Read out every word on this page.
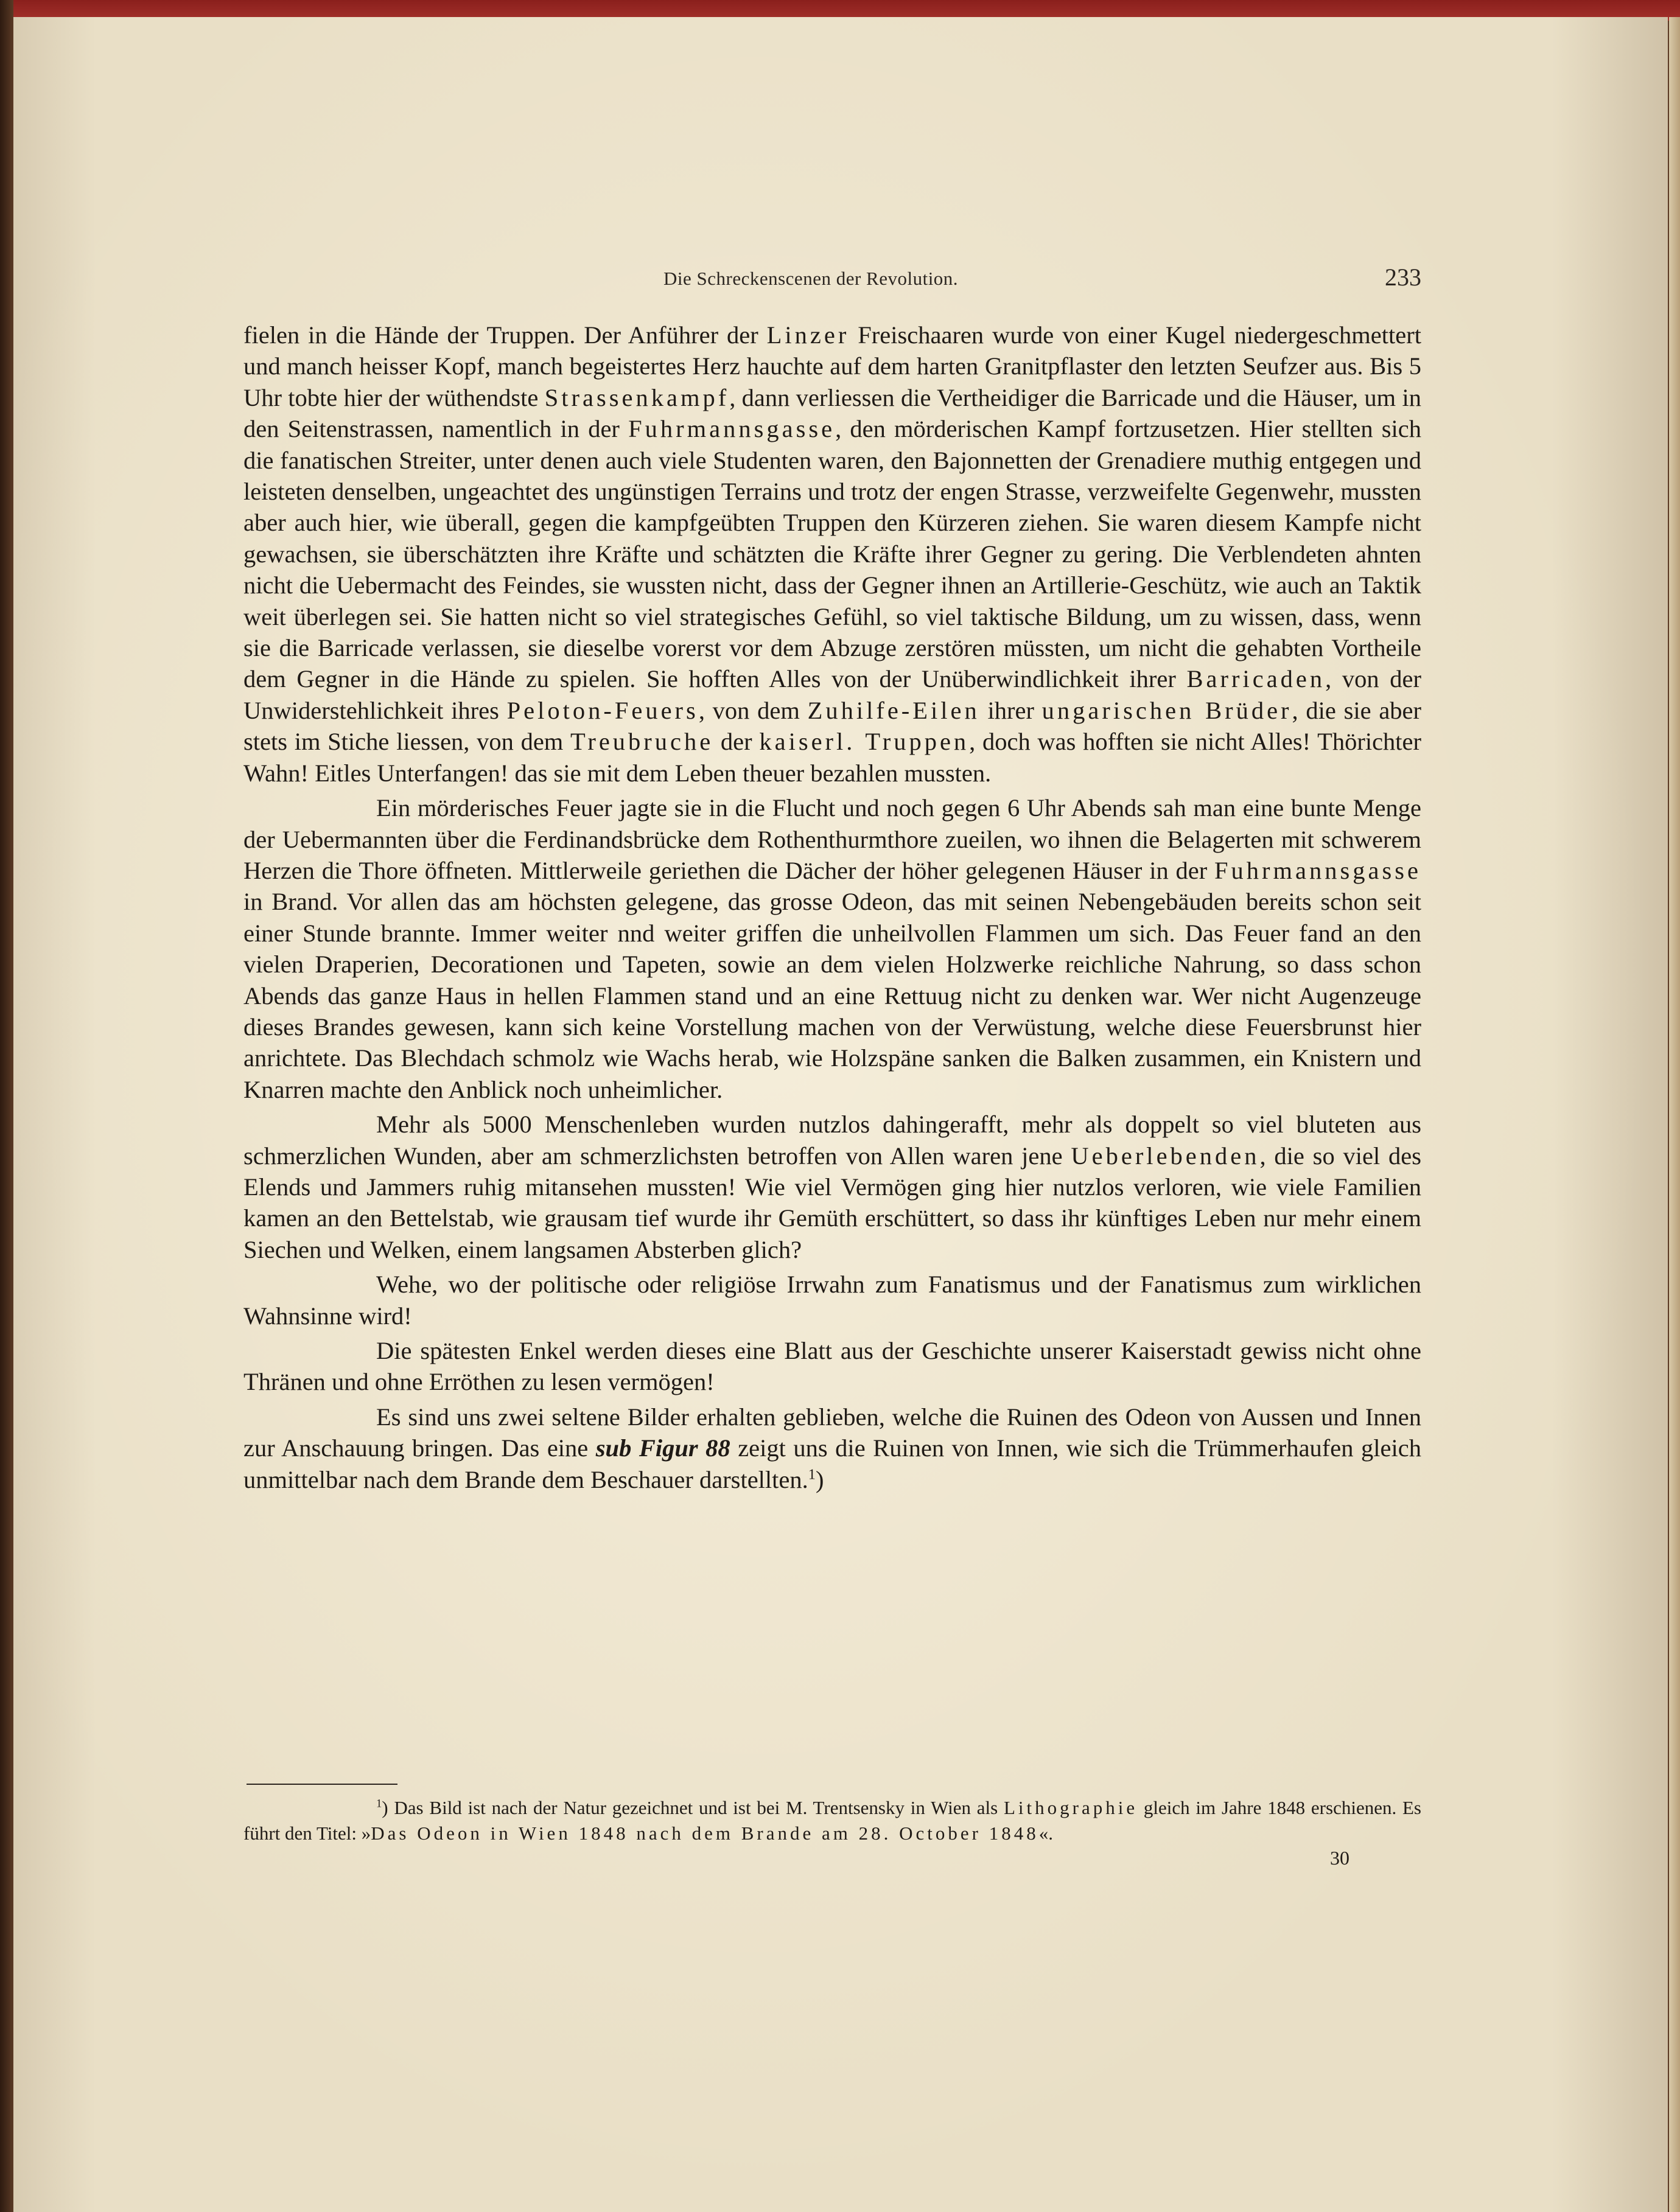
Die Schreckenscenen der Revolution.	233

fielen in die Hände der Truppen. Der Anführer der Linzer Freischaaren wurde von einer Kugel niedergeschmettert und manch heisser Kopf, manch begeistertes Herz hauchte auf dem harten Granitpflaster den letzten Seufzer aus. Bis 5 Uhr tobte hier der wüthendste Strassenkampf, dann verliessen die Vertheidiger die Barricade und die Häuser, um in den Seitenstrassen, namentlich in der Fuhrmannsgasse, den mörderischen Kampf fortzusetzen. Hier stellten sich die fanatischen Streiter, unter denen auch viele Studenten waren, den Bajonnetten der Grenadiere muthig entgegen und leisteten denselben, ungeachtet des ungünstigen Terrains und trotz der engen Strasse, verzweifelte Gegenwehr, mussten aber auch hier, wie überall, gegen die kampfgeübten Truppen den Kürzeren ziehen. Sie waren diesem Kampfe nicht gewachsen, sie überschätzten ihre Kräfte und schätzten die Kräfte ihrer Gegner zu gering. Die Verblendeten ahnten nicht die Uebermacht des Feindes, sie wussten nicht, dass der Gegner ihnen an Artillerie-Geschütz, wie auch an Taktik weit überlegen sei. Sie hatten nicht so viel strategisches Gefühl, so viel taktische Bildung, um zu wissen, dass, wenn sie die Barricade verlassen, sie dieselbe vorerst vor dem Abzuge zerstören müssten, um nicht die gehabten Vortheile dem Gegner in die Hände zu spielen. Sie hofften Alles von der Unüberwindlichkeit ihrer Barricaden, von der Unwiderstehlichkeit ihres Peloton-Feuers, von dem Zuhilfe-Eilen ihrer ungarischen Brüder, die sie aber stets im Stiche liessen, von dem Treubruche der kaiserl. Truppen, doch was hofften sie nicht Alles! Thörichter Wahn! Eitles Unterfangen! das sie mit dem Leben theuer bezahlen mussten.

Ein mörderisches Feuer jagte sie in die Flucht und noch gegen 6 Uhr Abends sah man eine bunte Menge der Uebermannten über die Ferdinandsbrücke dem Rothenthurmthore zueilen, wo ihnen die Belagerten mit schwerem Herzen die Thore öffneten. Mittlerweile geriethen die Dächer der höher gelegenen Häuser in der Fuhrmannsgasse in Brand. Vor allen das am höchsten gelegene, das grosse Odeon, das mit seinen Nebengebäuden bereits schon seit einer Stunde brannte. Immer weiter nnd weiter griffen die unheilvollen Flammen um sich. Das Feuer fand an den vielen Draperien, Decorationen und Tapeten, sowie an dem vielen Holzwerke reichliche Nahrung, so dass schon Abends das ganze Haus in hellen Flammen stand und an eine Rettuug nicht zu denken war. Wer nicht Augenzeuge dieses Brandes gewesen, kann sich keine Vorstellung machen von der Verwüstung, welche diese Feuersbrunst hier anrichtete. Das Blechdach schmolz wie Wachs herab, wie Holzspäne sanken die Balken zusammen, ein Knistern und Knarren machte den Anblick noch unheimlicher.

Mehr als 5000 Menschenleben wurden nutzlos dahingerafft, mehr als doppelt so viel bluteten aus schmerzlichen Wunden, aber am schmerzlichsten betroffen von Allen waren jene Ueberlebenden, die so viel des Elends und Jammers ruhig mitansehen mussten! Wie viel Vermögen ging hier nutzlos verloren, wie viele Familien kamen an den Bettelstab, wie grausam tief wurde ihr Gemüth erschüttert, so dass ihr künftiges Leben nur mehr einem Siechen und Welken, einem langsamen Absterben glich?

Wehe, wo der politische oder religiöse Irrwahn zum Fanatismus und der Fanatismus zum wirklichen Wahnsinne wird!

Die spätesten Enkel werden dieses eine Blatt aus der Geschichte unserer Kaiserstadt gewiss nicht ohne Thränen und ohne Erröthen zu lesen vermögen!

Es sind uns zwei seltene Bilder erhalten geblieben, welche die Ruinen des Odeon von Aussen und Innen zur Anschauung bringen. Das eine sub Figur 88 zeigt uns die Ruinen von Innen, wie sich die Trümmerhaufen gleich unmittelbar nach dem Brande dem Beschauer darstellten.$^1$)

$^1$) Das Bild ist nach der Natur gezeichnet und ist bei M. Trentsensky in Wien als Lithographie gleich im Jahre 1848 erschienen. Es führt den Titel: »Das Odeon in Wien 1848 nach dem Brande am 28. October 1848«.
30
